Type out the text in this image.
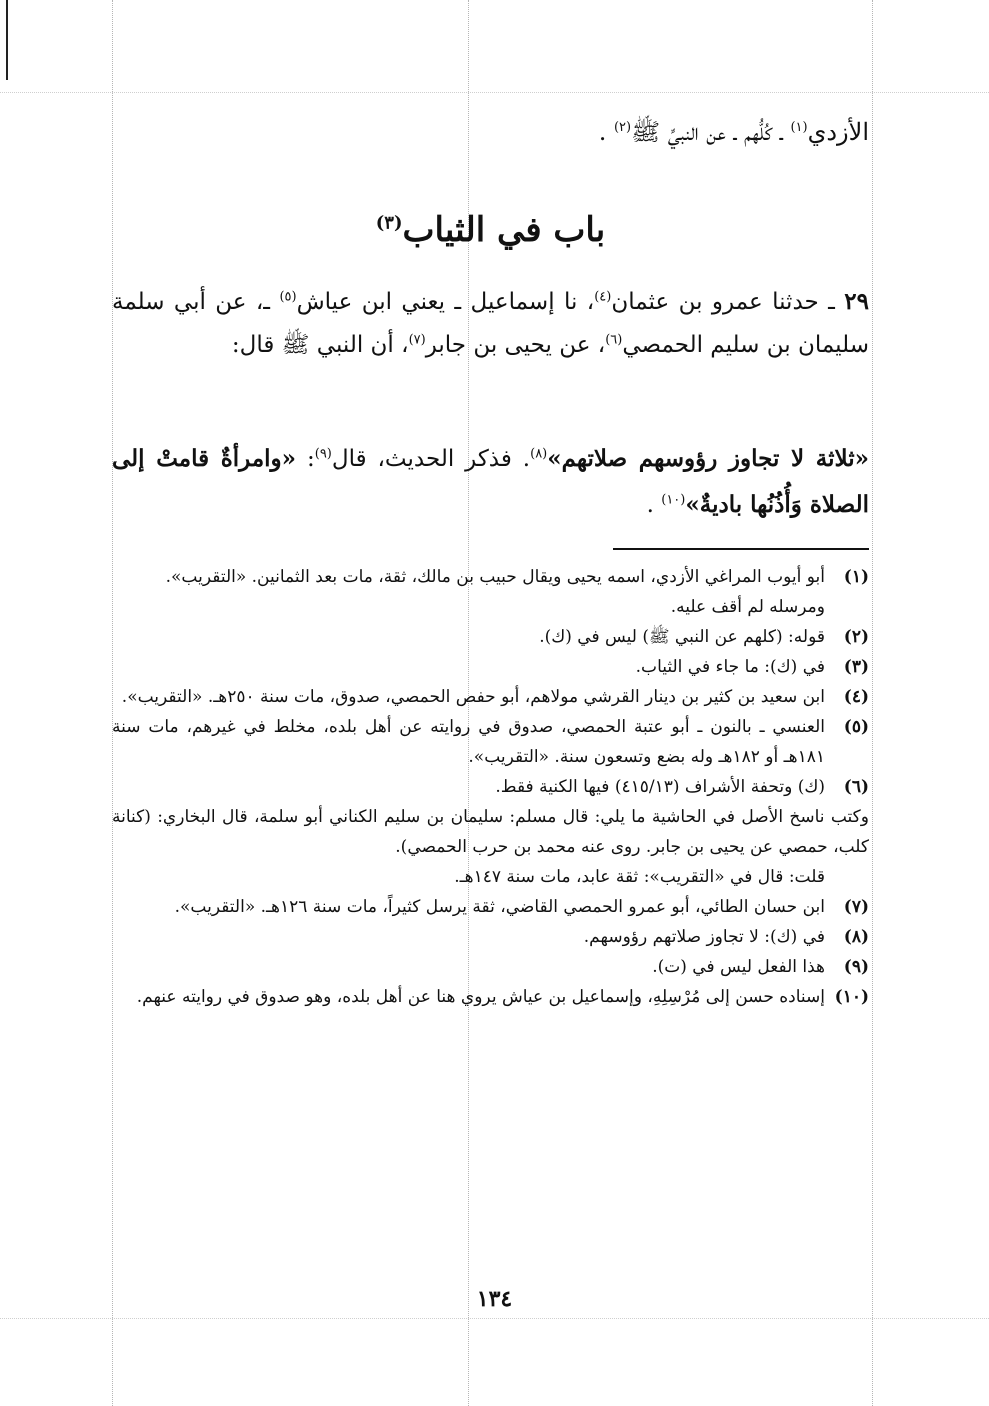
الأزدي$^{(١)}$ ـ كُلُّهم ـ عن النبيِّ ﷺ$^{(٢)}$ .
باب في الثياب$^{(٣)}$
٢٩ ـ حدثنا عمرو بن عثمان$^{(٤)}$، نا إسماعيل ـ يعني ابن عياش$^{(٥)}$ ـ، عن أبي سلمة سليمان بن سليم الحمصي$^{(٦)}$، عن يحيى بن جابر$^{(٧)}$، أن النبي ﷺ قال:
«ثلاثة لا تجاوز رؤوسهم صلاتهم»$^{(٨)}$. فذكر الحديث، قال$^{(٩)}$: «وامرأةٌ قامتْ إلى الصلاة وَأُذُنُها باديةٌ»$^{(١٠)}$ .
(١)
أبو أيوب المراغي الأزدي، اسمه يحيى ويقال حبيب بن مالك، ثقة، مات بعد الثمانين. «التقريب».
ومرسله لم أقف عليه.
(٢)
قوله: (كلهم عن النبي ﷺ) ليس في (ك).
(٣)
في (ك): ما جاء في الثياب.
(٤)
ابن سعيد بن كثير بن دينار القرشي مولاهم، أبو حفص الحمصي، صدوق، مات سنة ٢٥٠هـ. «التقريب».
(٥)
العنسي ـ بالنون ـ أبو عتبة الحمصي، صدوق في روايته عن أهل بلده، مخلط في غيرهم، مات سنة ١٨١هـ أو ١٨٢هـ وله بضع وتسعون سنة. «التقريب».
(٦)
(ك) وتحفة الأشراف (٤١٥/١٣) فيها الكنية فقط.
وكتب ناسخ الأصل في الحاشية ما يلي: قال مسلم: سليمان بن سليم الكناني أبو سلمة، قال البخاري: (كنانة كلب، حمصي عن يحيى بن جابر. روى عنه محمد بن حرب الحمصي).
قلت: قال في «التقريب»: ثقة عابد، مات سنة ١٤٧هـ.
(٧)
ابن حسان الطائي، أبو عمرو الحمصي القاضي، ثقة يرسل كثيراً، مات سنة ١٢٦هـ. «التقريب».
(٨)
في (ك): لا تجاوز صلاتهم رؤوسهم.
(٩)
هذا الفعل ليس في (ت).
(١٠)
إسناده حسن إلى مُرْسِلِهِ، وإسماعيل بن عياش يروي هنا عن أهل بلده، وهو صدوق في روايته عنهم.
١٣٤
